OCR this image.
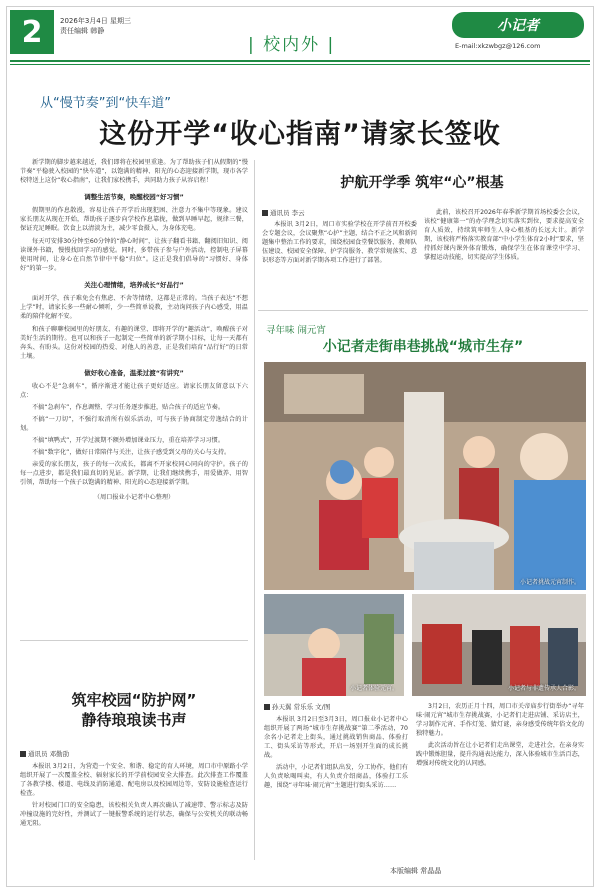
2	2026年3月4日 星期三
责任编辑 韩静
| 校内外 |
小记者
E-mail:xkzwbgz@126.com
从“慢节奏”到“快车道”
这份开学“收心指南”请家长签收

新学期的脚步越来越近，我们即将在校园里重逢。为了帮助孩子们从假期的“慢节奏”平稳驶入校园的“快车道”，以饱满的精神、阳光的心态迎接新学期，现市各学校特送上这份“收心指南”，让我们家校携手，共同助力孩子从容启程！

调整生活节奏，唤醒校园“好习惯”

假期里的作息散漫，容易让孩子开学后出现犯困、注意力不集中等现象。建议家长朋友从现在开始，帮助孩子逐步向学校作息靠拢，做到早睡早起，规律三餐，保证充足睡眠。饮食上以清淡为主，减少零食摄入，为身体充电。

每天可安排30分钟至60分钟的“静心时间”，让孩子翻看书籍、翻阅旧知识、阅读课外书籍，慢慢找回学习的感觉。同时，多带孩子参与户外活动，控制电子屏幕使用时间，让身心在自然节律中平稳“归位”。这正是我们倡导的“习惯好、身体好”的第一步。

关注心理情绪，培养成长“好品行”

面对开学，孩子难免会有焦虑、不舍等情绪，这都是正常的。当孩子表达“不想上学”时，请家长多一些耐心倾听，少一些简单说教，主动询问孩子内心感受，用温柔的陪伴化解不安。

和孩子聊聊校园里的好朋友、有趣的课堂、即将开学的“趣活动”，唤醒孩子对美好生活的期待。也可以和孩子一起制定一些简单的新学期小目标，让每一天都有奔头、有盼头。这份对校园的热爱、对他人的善意，正是我们培育“品行好”的日常土壤。

做好收心准备，温柔过渡“有讲究”

收心不是“急刹车”，循序渐进才能让孩子更好适应。请家长朋友留意以下六点：

不搞“急刹车”，作息调整、学习任务逐步推进，贴合孩子的适应节奏。

不搞“一刀切”，不强行取消所有娱乐活动，可与孩子协商制定劳逸结合的计划。

不搞“填鸭式”，开学过渡期不额外增加课业压力，重在培养学习习惯。

不搞“数字化”，做好日常陪伴与关注，让孩子感受到父母的关心与支持。

亲爱的家长朋友，孩子的每一次成长，都离不开家校同心同向的守护。孩子的每一点进步，都是我们最真切的见证。新学期，让我们继续携手，用爱做养、用智引领，帮助每一个孩子以饱满的精神、阳光的心态迎接新学期。

（周口报业小记者中心整理）

筑牢校园“防护网”
静待琅琅读书声
通讯员 邓勤劭

本报讯 3月2日，为营造一个安全、和谐、稳定的育人环境，周口市中原路小学组织开展了一次覆盖全校、辐射家长的开学前校园安全大排查。此次排查工作覆盖了各教学楼、楼道、电线及消防通道、配电房以及校园周边等，安防设施检查运行检查。

针对校园门口的安全隐患，该校相关负责人再次确认了减速带、警示标志及防冲撞设施的完好性，并测试了一键报警系统的运行状态，确保与公安机关的联动畅通无阻。

护航开学季 筑牢“心”根基
通讯员 李云

本报讯 3月2日，周口市实验学校在开学前召开校委会专题会议，会议聚焦“心护”主题，结合不正之风和新问题集中整治工作的要求，围绕校园食堂餐饮服务、教师队伍建设、校园安全保障、护学岗服务、教学常规落实、意识形态等方面对新学期各项工作进行了部署。

此前，该校召开2026年春季新学期首场校委会会议，该校“健康第一”的办学理念切实落实到位，要求提高安全育人质效，持续筑牢师生人身心根基的长远大计。新学期，该校将严格落实教育部“中小学生体育2小时”要求，坚持抓好课内课外体育锻炼，确保学生在体育课堂中学习、掌握运动技能，切实提高学生体质。

寻年味 闹元宵
小记者走街串巷挑战“城市生存”
小记者挑战元宵制作。
小记者体验元宵。	小记者与非遗传承人合影。
孙天翼 常乐乐 文/图

本报讯 3月2日至3月3日，周口报业小记者中心组织开展了两场“城市生存挑战赛”第二季活动，70余名小记者走上街头，通过挑战销售商品、体验打工、街头采访等形式，开启一场别开生面的成长挑战。

活动中，小记者们组队出发，分工协作，他们有人负责吆喝叫卖，有人负责介绍商品，体验打工乐趣，围绕“寻年味·闹元宵”主题进行街头采访……

3月2日，农历正月十四，周口市关帝庙步行街举办“寻年味·闹元宵”城市生存挑战赛，小记者们走进店铺、采访店主，学习制作元宵、手作灯笼、猜灯谜，亲身感受传统年俗文化的独特魅力。

此次活动旨在让小记者们走出课堂，走进社会，在亲身实践中锻炼胆量，提升沟通表达能力，深入体验城市生活百态，增强对传统文化的认同感。

本版编辑 常晶晶
